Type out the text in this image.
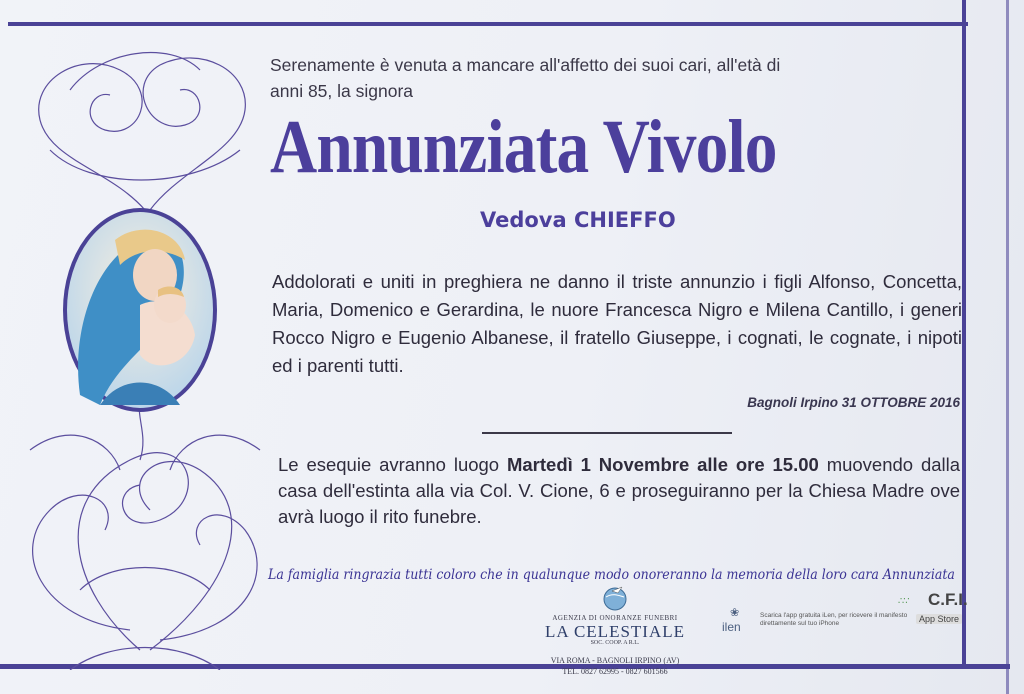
Serenamente è venuta a mancare all'affetto dei suoi cari, all'età di
anni 85, la signora
Annunziata Vivolo
Vedova CHIEFFO
Addolorati e uniti in preghiera ne danno il triste annunzio i figli Alfonso, Concetta, Maria, Domenico e Gerardina, le nuore Francesca Nigro e Milena Cantillo, i generi Rocco Nigro e Eugenio Albanese, il fratello Giuseppe, i cognati, le cognate, i nipoti ed i parenti tutti.
Bagnoli Irpino 31 OTTOBRE 2016
Le esequie avranno luogo Martedì 1 Novembre alle ore 15.00 muovendo dalla casa dell'estinta alla via Col. V. Cione, 6 e proseguiranno per la Chiesa Madre ove avrà luogo il rito funebre.
La famiglia ringrazia tutti coloro che in qualunque modo onoreranno la memoria della loro cara Annunziata
AGENZIA DI ONORANZE FUNEBRI
LA CELESTIALE
SOC. COOP. A R.L.
VIA ROMA - BAGNOLI IRPINO (AV)
TEL. 0827 62995 - 0827 601566
❀
ilen
Scarica l'app gratuita iLen, per ricevere il manifesto direttamente sul tuo iPhone
∴∵ C.F.I.
App Store
